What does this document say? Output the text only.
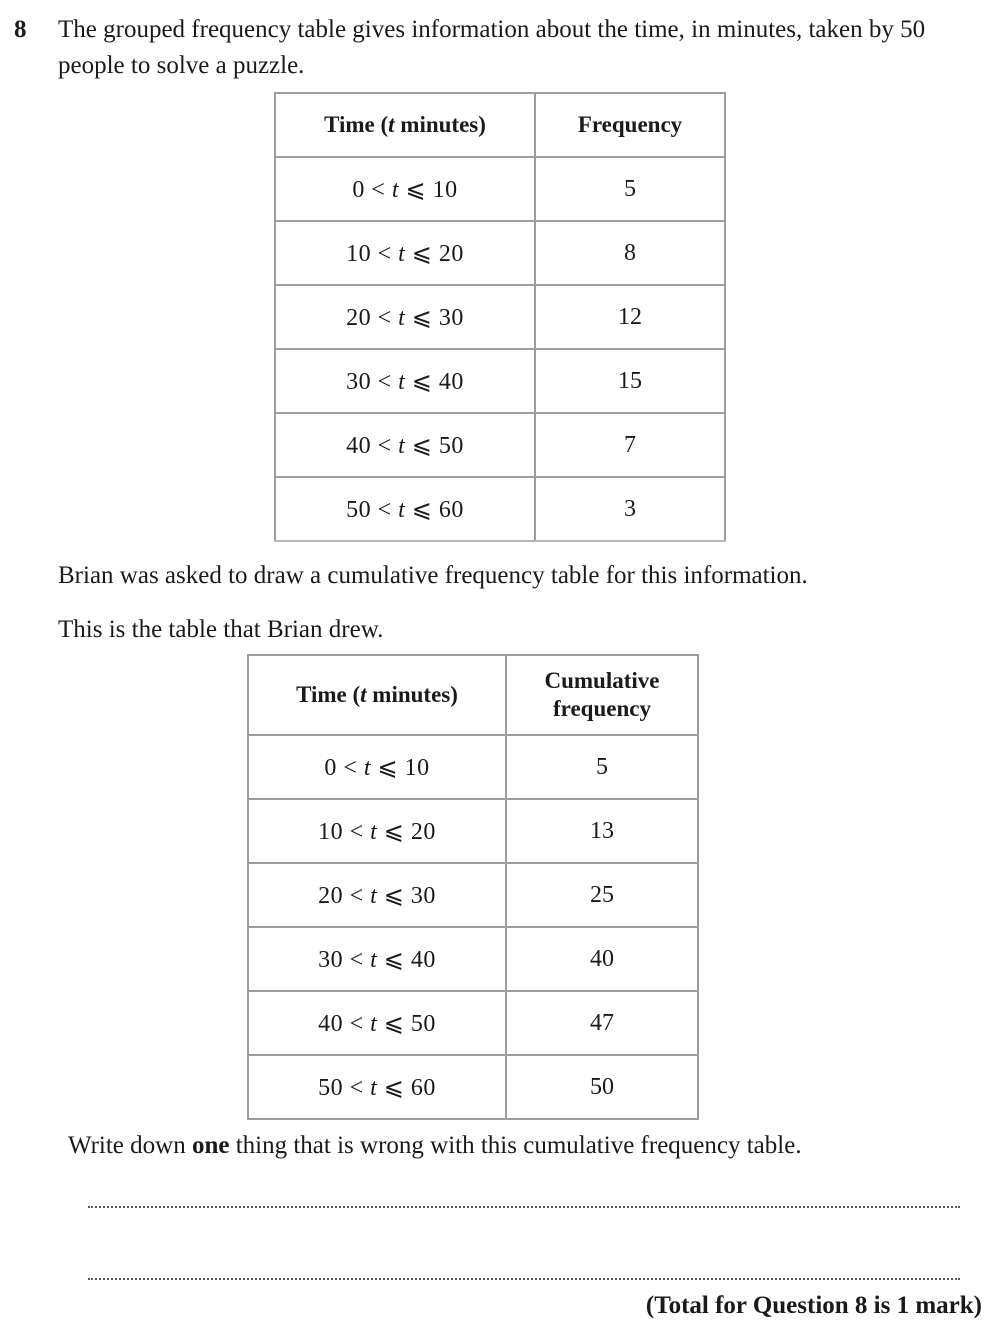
8 The grouped frequency table gives information about the time, in minutes, taken by 50 people to solve a puzzle.
Time (t minutes)	Frequency
0 < t ⩽ 10	5
10 < t ⩽ 20	8
20 < t ⩽ 30	12
30 < t ⩽ 40	15
40 < t ⩽ 50	7
50 < t ⩽ 60	3
Brian was asked to draw a cumulative frequency table for this information.
This is the table that Brian drew.
Time (t minutes)	Cumulative
frequency
0 < t ⩽ 10	5
10 < t ⩽ 20	13
20 < t ⩽ 30	25
30 < t ⩽ 40	40
40 < t ⩽ 50	47
50 < t ⩽ 60	50
Write down one thing that is wrong with this cumulative frequency table.
(Total for Question 8 is 1 mark)
